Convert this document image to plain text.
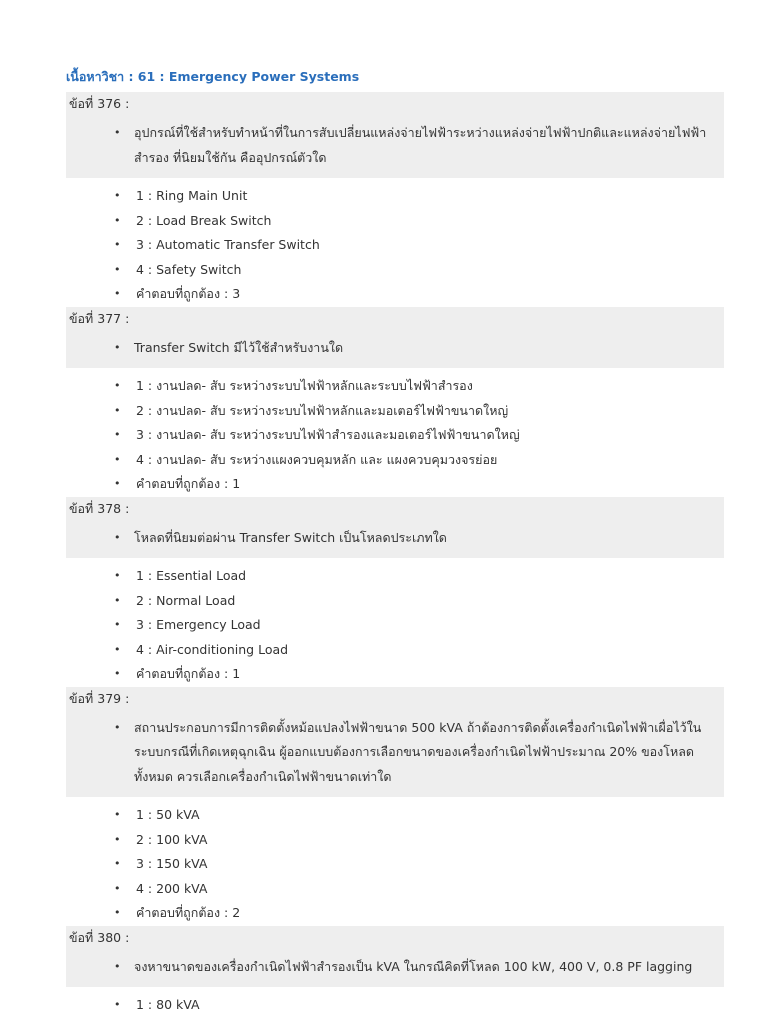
เนื้อหาวิชา : 61 : Emergency Power Systems
ข้อที่ 376 :
•	อุปกรณ์ที่ใช้สำหรับทำหน้าที่ในการสับเปลี่ยนแหล่งจ่ายไฟฟ้าระหว่างแหล่งจ่ายไฟฟ้าปกติและแหล่งจ่ายไฟฟ้าสำรอง ที่นิยมใช้กัน คืออุปกรณ์ตัวใด
• 1 : Ring Main Unit
• 2 : Load Break Switch
• 3 : Automatic Transfer Switch
• 4 : Safety Switch
• คำตอบที่ถูกต้อง : 3
ข้อที่ 377 :
•	Transfer Switch มีไว้ใช้สำหรับงานใด
• 1 : งานปลด- สับ ระหว่างระบบไฟฟ้าหลักและระบบไฟฟ้าสำรอง
• 2 : งานปลด- สับ ระหว่างระบบไฟฟ้าหลักและมอเตอร์ไฟฟ้าขนาดใหญ่
• 3 : งานปลด- สับ ระหว่างระบบไฟฟ้าสำรองและมอเตอร์ไฟฟ้าขนาดใหญ่
• 4 : งานปลด- สับ ระหว่างแผงควบคุมหลัก และ แผงควบคุมวงจรย่อย
• คำตอบที่ถูกต้อง : 1
ข้อที่ 378 :
•	โหลดที่นิยมต่อผ่าน Transfer Switch เป็นโหลดประเภทใด
• 1 : Essential Load
• 2 : Normal Load
• 3 : Emergency Load
• 4 : Air-conditioning Load
• คำตอบที่ถูกต้อง : 1
ข้อที่ 379 :
•	สถานประกอบการมีการติดตั้งหม้อแปลงไฟฟ้าขนาด 500 kVA ถ้าต้องการติดตั้งเครื่องกำเนิดไฟฟ้าเผื่อไว้ในระบบกรณีที่เกิดเหตุฉุกเฉิน ผู้ออกแบบต้องการเลือกขนาดของเครื่องกำเนิดไฟฟ้าประมาณ 20% ของโหลดทั้งหมด ควรเลือกเครื่องกำเนิดไฟฟ้าขนาดเท่าใด
• 1 : 50 kVA
• 2 : 100 kVA
• 3 : 150 kVA
• 4 : 200 kVA
• คำตอบที่ถูกต้อง : 2
ข้อที่ 380 :
•	จงหาขนาดของเครื่องกำเนิดไฟฟ้าสำรองเป็น kVA ในกรณีคิดที่โหลด 100 kW, 400 V, 0.8 PF lagging
• 1 : 80 kVA
